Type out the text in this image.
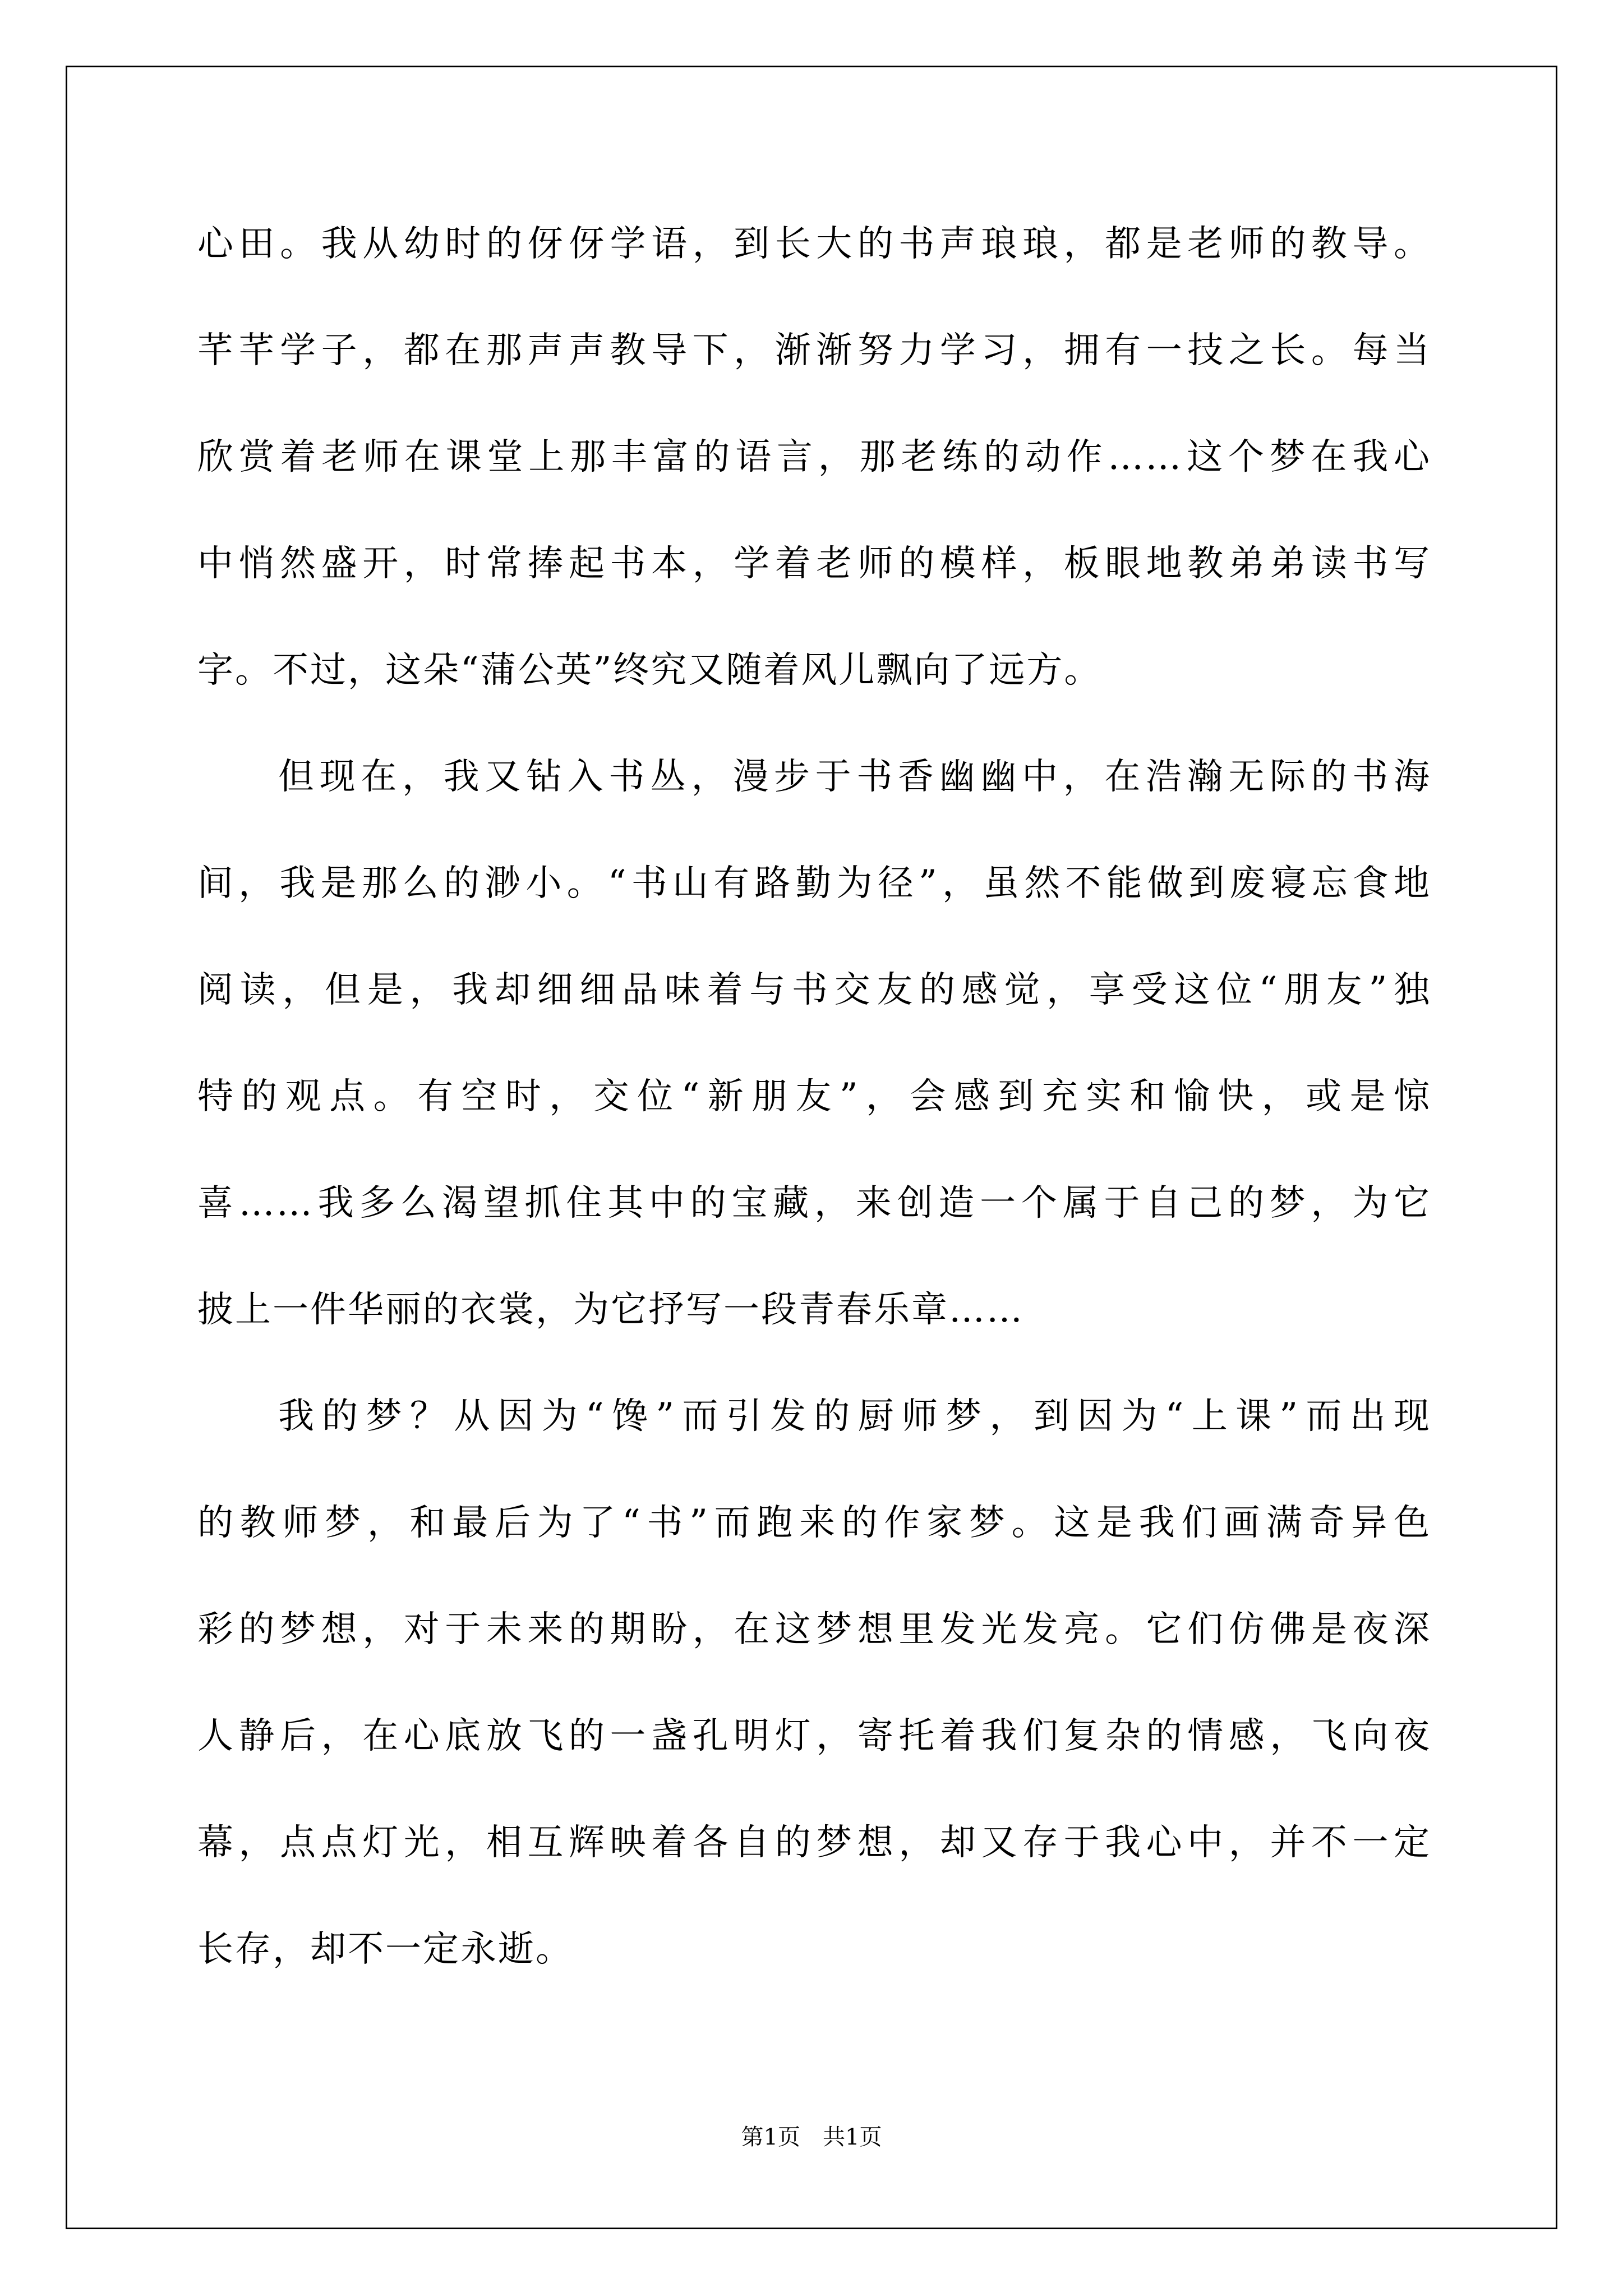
心田。我从幼时的伢伢学语，到长大的书声琅琅，都是老师的教导。
芊芊学子，都在那声声教导下，渐渐努力学习，拥有一技之长。每当
欣赏着老师在课堂上那丰富的语言，那老练的动作……这个梦在我心
中悄然盛开，时常捧起书本，学着老师的模样，板眼地教弟弟读书写
字。不过，这朵“蒲公英”终究又随着风儿飘向了远方。
但现在，我又钻入书丛，漫步于书香幽幽中，在浩瀚无际的书海
间，我是那么的渺小。“书山有路勤为径”，虽然不能做到废寝忘食地
阅读，但是，我却细细品味着与书交友的感觉，享受这位“朋友”独
特的观点。有空时，交位“新朋友”，会感到充实和愉快，或是惊
喜……我多么渴望抓住其中的宝藏，来创造一个属于自己的梦，为它
披上一件华丽的衣裳，为它抒写一段青春乐章……
我的梦？从因为“馋”而引发的厨师梦，到因为“上课”而出现
的教师梦，和最后为了“书”而跑来的作家梦。这是我们画满奇异色
彩的梦想，对于未来的期盼，在这梦想里发光发亮。它们仿佛是夜深
人静后，在心底放飞的一盏孔明灯，寄托着我们复杂的情感，飞向夜
幕，点点灯光，相互辉映着各自的梦想，却又存于我心中，并不一定
长存，却不一定永逝。
第1页　共1页
